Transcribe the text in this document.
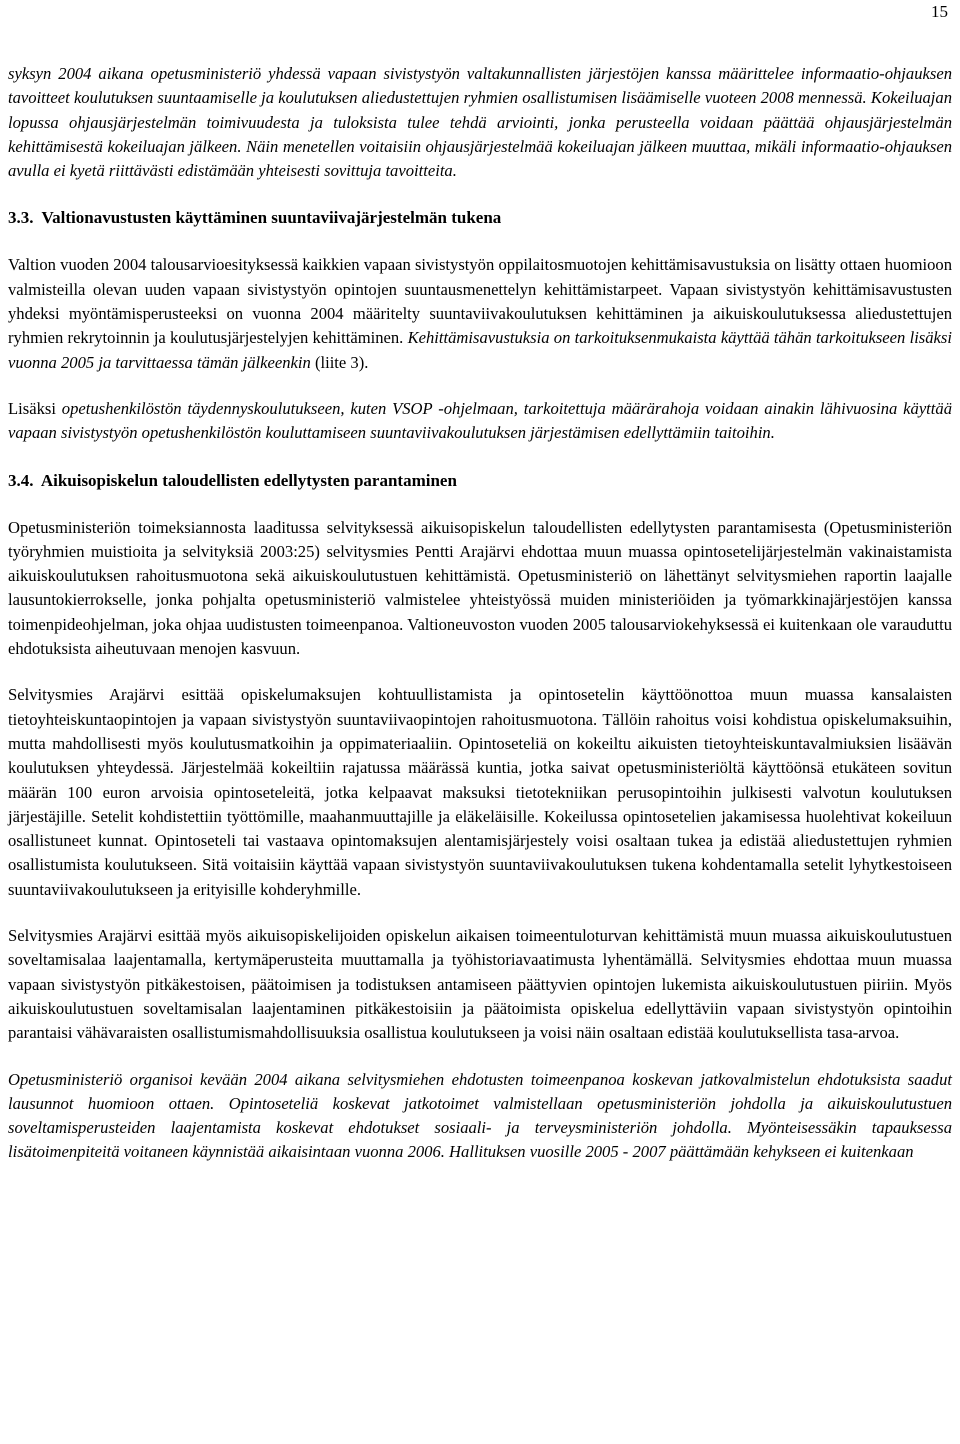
15

syksyn 2004 aikana opetusministeriö yhdessä vapaan sivistystyön valtakunnallisten järjestöjen kanssa määrittelee informaatio-ohjauksen tavoitteet koulutuksen suuntaamiselle ja koulutuksen aliedustettujen ryhmien osallistumisen lisäämiselle vuoteen 2008 mennessä. Kokeiluajan lopussa ohjausjärjestelmän toimivuudesta ja tuloksista tulee tehdä arviointi, jonka perusteella voidaan päättää ohjausjärjestelmän kehittämisestä kokeiluajan jälkeen. Näin menetellen voitaisiin ohjausjärjestelmää kokeiluajan jälkeen muuttaa, mikäli informaatio-ohjauksen avulla ei kyetä riittävästi edistämään yhteisesti sovittuja tavoitteita.

3.3. Valtionavustusten käyttäminen suuntaviivajärjestelmän tukena

Valtion vuoden 2004 talousarvioesityksessä kaikkien vapaan sivistystyön oppilaitosmuotojen kehittämisavustuksia on lisätty ottaen huomioon valmisteilla olevan uuden vapaan sivistystyön opintojen suuntausmenettelyn kehittämistarpeet. Vapaan sivistystyön kehittämisavustusten yhdeksi myöntämisperusteeksi on vuonna 2004 määritelty suuntaviivakoulutuksen kehittäminen ja aikuiskoulutuksessa aliedustettujen ryhmien rekrytoinnin ja koulutusjärjestelyjen kehittäminen. Kehittämisavustuksia on tarkoituksenmukaista käyttää tähän tarkoitukseen lisäksi vuonna 2005 ja tarvittaessa tämän jälkeenkin (liite 3).

Lisäksi opetushenkilöstön täydennyskoulutukseen, kuten VSOP -ohjelmaan, tarkoitettuja määrärahoja voidaan ainakin lähivuosina käyttää vapaan sivistystyön opetushenkilöstön kouluttamiseen suuntaviivakoulutuksen järjestämisen edellyttämiin taitoihin.

3.4. Aikuisopiskelun taloudellisten edellytysten parantaminen

Opetusministeriön toimeksiannosta laaditussa selvityksessä aikuisopiskelun taloudellisten edellytysten parantamisesta (Opetusministeriön työryhmien muistioita ja selvityksiä 2003:25) selvitysmies Pentti Arajärvi ehdottaa muun muassa opintosetelijärjestelmän vakinaistamista aikuiskoulutuksen rahoitusmuotona sekä aikuiskoulutustuen kehittämistä. Opetusministeriö on lähettänyt selvitysmiehen raportin laajalle lausuntokierrokselle, jonka pohjalta opetusministeriö valmistelee yhteistyössä muiden ministeriöiden ja työmarkkinajärjestöjen kanssa toimenpideohjelman, joka ohjaa uudistusten toimeenpanoa. Valtioneuvoston vuoden 2005 talousarviokehyksessä ei kuitenkaan ole varauduttu ehdotuksista aiheutuvaan menojen kasvuun.

Selvitysmies Arajärvi esittää opiskelumaksujen kohtuullistamista ja opintosetelin käyttöönottoa muun muassa kansalaisten tietoyhteiskuntaopintojen ja vapaan sivistystyön suuntaviivaopintojen rahoitusmuotona. Tällöin rahoitus voisi kohdistua opiskelumaksuihin, mutta mahdollisesti myös koulutusmatkoihin ja oppimateriaaliin. Opintoseteliä on kokeiltu aikuisten tietoyhteiskuntavalmiuksien lisäävän koulutuksen yhteydessä. Järjestelmää kokeiltiin rajatussa määrässä kuntia, jotka saivat opetusministeriöltä käyttöönsä etukäteen sovitun määrän 100 euron arvoisia opintoseteleitä, jotka kelpaavat maksuksi tietotekniikan perusopintoihin julkisesti valvotun koulutuksen järjestäjille. Setelit kohdistettiin työttömille, maahanmuuttajille ja eläkeläisille. Kokeilussa opintosetelien jakamisessa huolehtivat kokeiluun osallistuneet kunnat. Opintoseteli tai vastaava opintomaksujen alentamisjärjestely voisi osaltaan tukea ja edistää aliedustettujen ryhmien osallistumista koulutukseen. Sitä voitaisiin käyttää vapaan sivistystyön suuntaviivakoulutuksen tukena kohdentamalla setelit lyhytkestoiseen suuntaviivakoulutukseen ja erityisille kohderyhmille.

Selvitysmies Arajärvi esittää myös aikuisopiskelijoiden opiskelun aikaisen toimeentuloturvan kehittämistä muun muassa aikuiskoulutustuen soveltamisalaa laajentamalla, kertymäperusteita muuttamalla ja työhistoriavaatimusta lyhentämällä. Selvitysmies ehdottaa muun muassa vapaan sivistystyön pitkäkestoisen, päätoimisen ja todistuksen antamiseen päättyvien opintojen lukemista aikuiskoulutustuen piiriin. Myös aikuiskoulutustuen soveltamisalan laajentaminen pitkäkestoisiin ja päätoimista opiskelua edellyttäviin vapaan sivistystyön opintoihin parantaisi vähävaraisten osallistumismahdollisuuksia osallistua koulutukseen ja voisi näin osaltaan edistää koulutuksellista tasa-arvoa.

Opetusministeriö organisoi kevään 2004 aikana selvitysmiehen ehdotusten toimeenpanoa koskevan jatkovalmistelun ehdotuksista saadut lausunnot huomioon ottaen. Opintoseteliä koskevat jatkotoimet valmistellaan opetusministeriön johdolla ja aikuiskoulutustuen soveltamisperusteiden laajentamista koskevat ehdotukset sosiaali- ja terveysministeriön johdolla. Myönteisessäkin tapauksessa lisätoimenpiteitä voitaneen käynnistää aikaisintaan vuonna 2006. Hallituksen vuosille 2005 - 2007 päättämään kehykseen ei kuitenkaan
